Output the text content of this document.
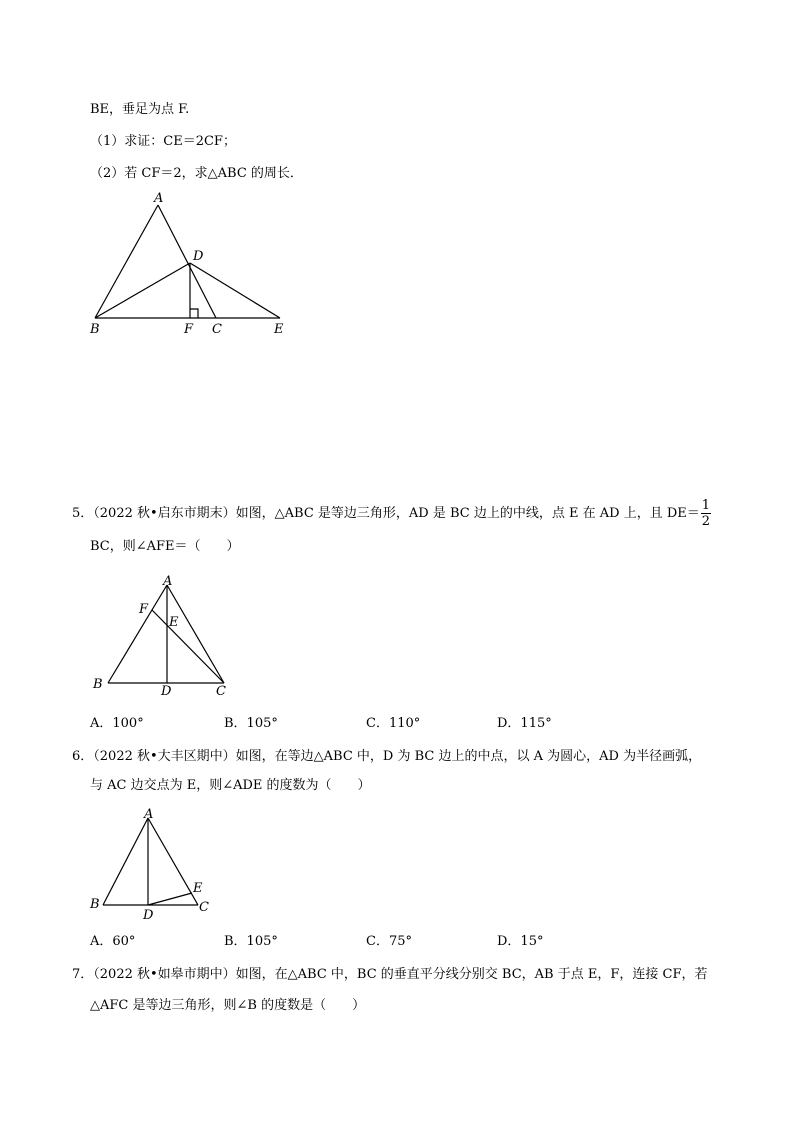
BE，垂足为点 F.
（1）求证：CE＝2CF；
（2）若 CF＝2，求△ABC 的周长．
A
B
D
F C	E
5．（2022 秋•启东市期末）如图，△ABC 是等边三角形，AD 是 BC 边上的中线，点 E 在 AD 上，且 $DE= \frac{1}{2}$
BC，则∠AFE＝（　　）
A
F
E
B	D	C
A．100°	B．105°	C．110°	D．115°
6．（2022 秋•大丰区期中）如图，在等边△ABC 中，D 为 BC 边上的中点，以 A 为圆心，AD 为半径画弧，
与 AC 边交点为 E，则∠ADE 的度数为（　　）
A
E
B
D
C
A．60°	B．105°	C．75°	D．15°
7．（2022 秋•如皋市期中）如图，在△ABC 中，BC 的垂直平分线分别交 BC，AB 于点 E，F，连接 CF，若
△AFC 是等边三角形，则∠B 的度数是（　　）
